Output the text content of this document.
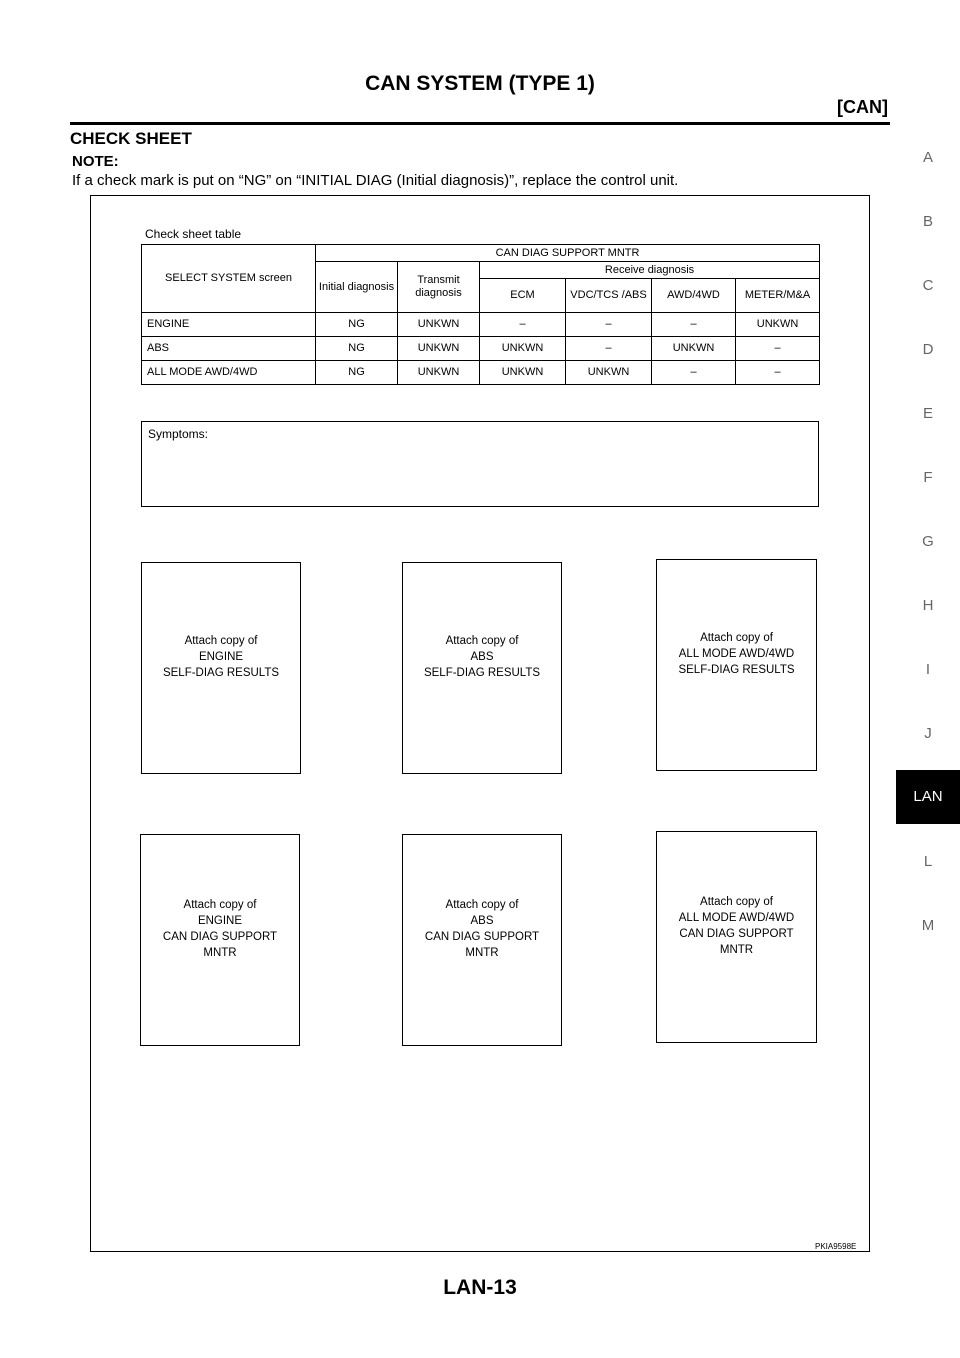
CAN SYSTEM (TYPE 1)
[CAN]
CHECK SHEET
NOTE:
If a check mark is put on “NG” on “INITIAL DIAG (Initial diagnosis)”, replace the control unit.
Check sheet table
SELECT SYSTEM screen	CAN DIAG SUPPORT MNTR					
	Initial diagnosis	Transmit diagnosis	Receive diagnosis			
			ECM	VDC/TCS /ABS	AWD/4WD	METER/M&A
ENGINE	NG	UNKWN	–	–	–	UNKWN
ABS	NG	UNKWN	UNKWN	–	UNKWN	–
ALL MODE AWD/4WD	NG	UNKWN	UNKWN	UNKWN	–	–
Symptoms:
Attach copy of
ENGINE
SELF-DIAG RESULTS
Attach copy of
ABS
SELF-DIAG RESULTS
Attach copy of
ALL MODE AWD/4WD
SELF-DIAG RESULTS
Attach copy of
ENGINE
CAN DIAG SUPPORT
MNTR
Attach copy of
ABS
CAN DIAG SUPPORT
MNTR
Attach copy of
ALL MODE AWD/4WD
CAN DIAG SUPPORT
MNTR
PKIA9598E
A
B
C
D
E
F
G
H
I
J
L
M
LAN
LAN-13
